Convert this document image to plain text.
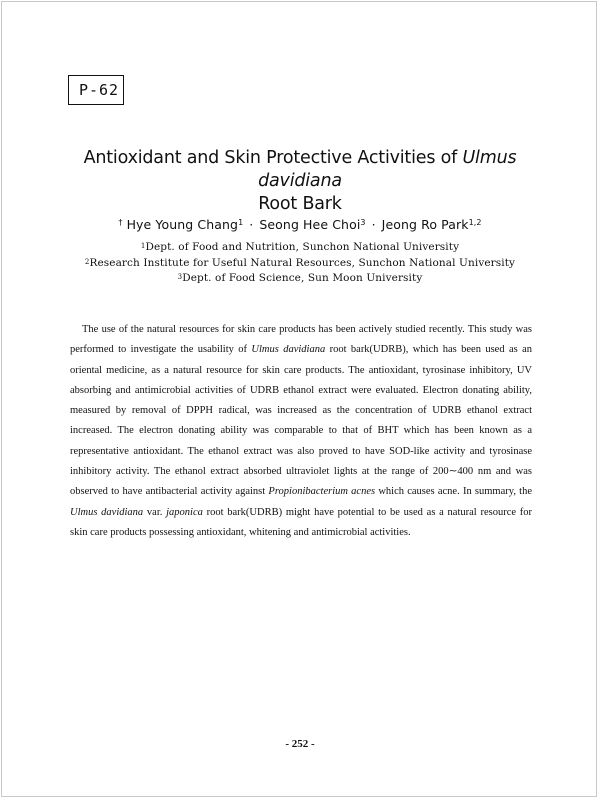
P-62
Antioxidant and Skin Protective Activities of Ulmus davidiana
Root Bark
† Hye Young Chang$^1$ · Seong Hee Choi$^3$ · Jeong Ro Park$^{1,2}$
$^1$Dept. of Food and Nutrition, Sunchon National University
$^2$Research Institute for Useful Natural Resources, Sunchon National University
$^3$Dept. of Food Science, Sun Moon University

The use of the natural resources for skin care products has been actively studied recently. This study was performed to investigate the usability of Ulmus davidiana root bark(UDRB), which has been used as an oriental medicine, as a natural resource for skin care products. The antioxidant, tyrosinase inhibitory, UV absorbing and antimicrobial activities of UDRB ethanol extract were evaluated. Electron donating ability, measured by removal of DPPH radical, was increased as the concentration of UDRB ethanol extract increased. The electron donating ability was comparable to that of BHT which has been known as a representative antioxidant. The ethanol extract was also proved to have SOD-like activity and tyrosinase inhibitory activity. The ethanol extract absorbed ultraviolet lights at the range of 200∼400 nm and was observed to have antibacterial activity against Propionibacterium acnes which causes acne. In summary, the Ulmus davidiana var. japonica root bark(UDRB) might have potential to be used as a natural resource for skin care products possessing antioxidant, whitening and antimicrobial activities.

- 252 -
